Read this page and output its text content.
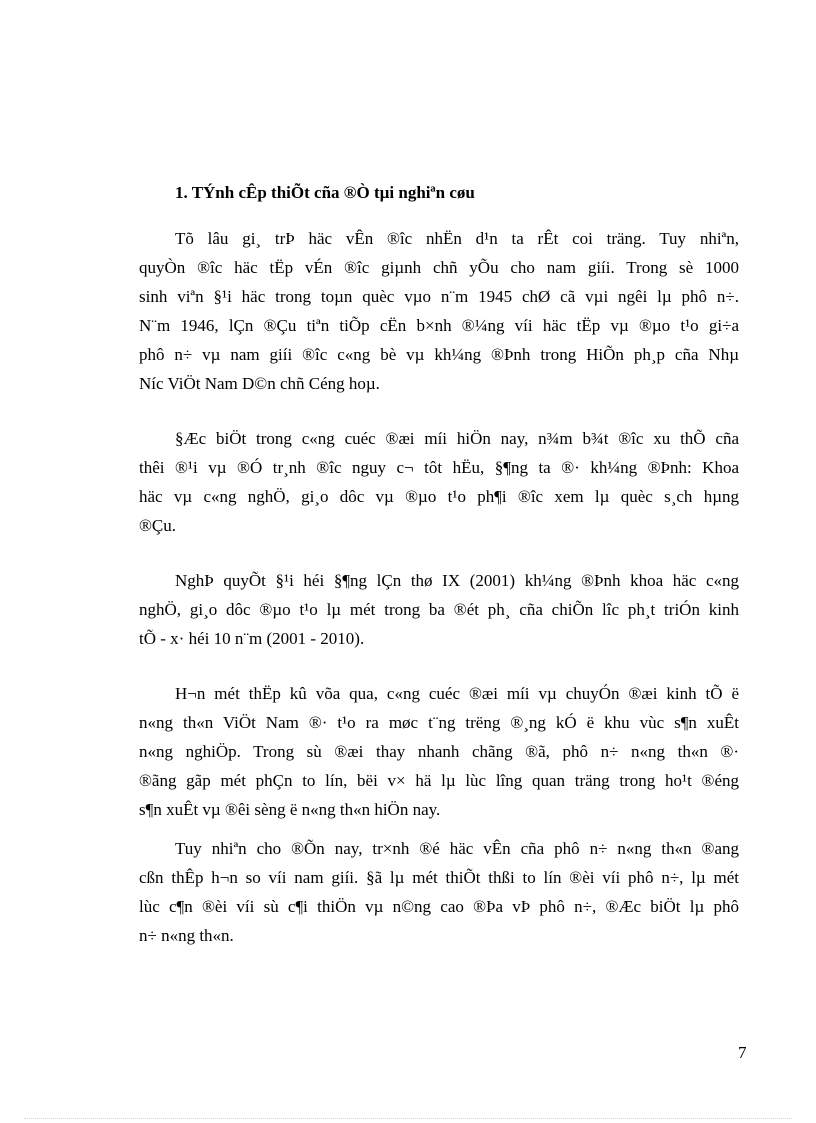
1. TÝnh cÊp thiÕt cña ®Ò tµi nghiªn cøu
Tõ lâu gi¸ trÞ häc vÊn ®îc nhËn d¹n ta rÊt coi träng. Tuy nhiªn,
quyÒn ®îc häc tËp vÉn ®îc giµnh chñ yÕu cho nam giíi. Trong sè 1000
sinh viªn §¹i häc trong toµn quèc vµo n¨m 1945 chØ cã vµi ngêi lµ phô n÷.
N¨m 1946, lÇn ®Çu tiªn tiÕp cËn b×nh ®¼ng víi häc tËp vµ ®µo t¹o gi÷a
phô n÷ vµ nam giíi ®îc c«ng bè vµ kh¼ng ®Þnh trong HiÕn ph¸p cña Nhµ
Níc ViÖt Nam D©n chñ Céng hoµ.
§Æc biÖt trong c«ng cuéc ®æi míi hiÖn nay, n¾m b¾t ®îc xu thÕ cña
thêi ®¹i vµ ®Ó tr¸nh ®îc nguy c¬ tôt hËu, §¶ng ta ®· kh¼ng ®Þnh: Khoa
häc vµ c«ng nghÖ, gi¸o dôc vµ ®µo t¹o ph¶i ®îc xem lµ quèc s¸ch hµng
®Çu.
NghÞ quyÕt §¹i héi §¶ng lÇn thø IX (2001) kh¼ng ®Þnh khoa häc c«ng
nghÖ, gi¸o dôc ®µo t¹o lµ mét trong ba ®ét ph¸ cña chiÕn lîc ph¸t triÓn kinh
tÕ - x· héi 10 n¨m (2001 - 2010).
H¬n mét thËp kû võa qua, c«ng cuéc ®æi míi vµ chuyÓn ®æi kinh tÕ ë
n«ng th«n ViÖt Nam ®· t¹o ra møc t¨ng trëng ®¸ng kÓ ë khu vùc s¶n xuÊt
n«ng nghiÖp. Trong sù ®æi thay nhanh chãng ®ã, phô n÷ n«ng th«n ®·
®ãng gãp mét phÇn to lín, bëi v× hä lµ lùc lîng quan träng trong ho¹t ®éng
s¶n xuÊt vµ ®êi sèng ë n«ng th«n hiÖn nay.
Tuy nhiªn cho ®Õn nay, tr×nh ®é häc vÊn cña phô n÷ n«ng th«n ®ang
cßn thÊp h¬n so víi nam giíi. §ã lµ mét thiÕt thßi to lín ®èi víi phô n÷, lµ mét
lùc c¶n ®èi víi sù c¶i thiÖn vµ n©ng cao ®Þa vÞ phô n÷, ®Æc biÖt lµ phô
n÷ n«ng th«n.
7
